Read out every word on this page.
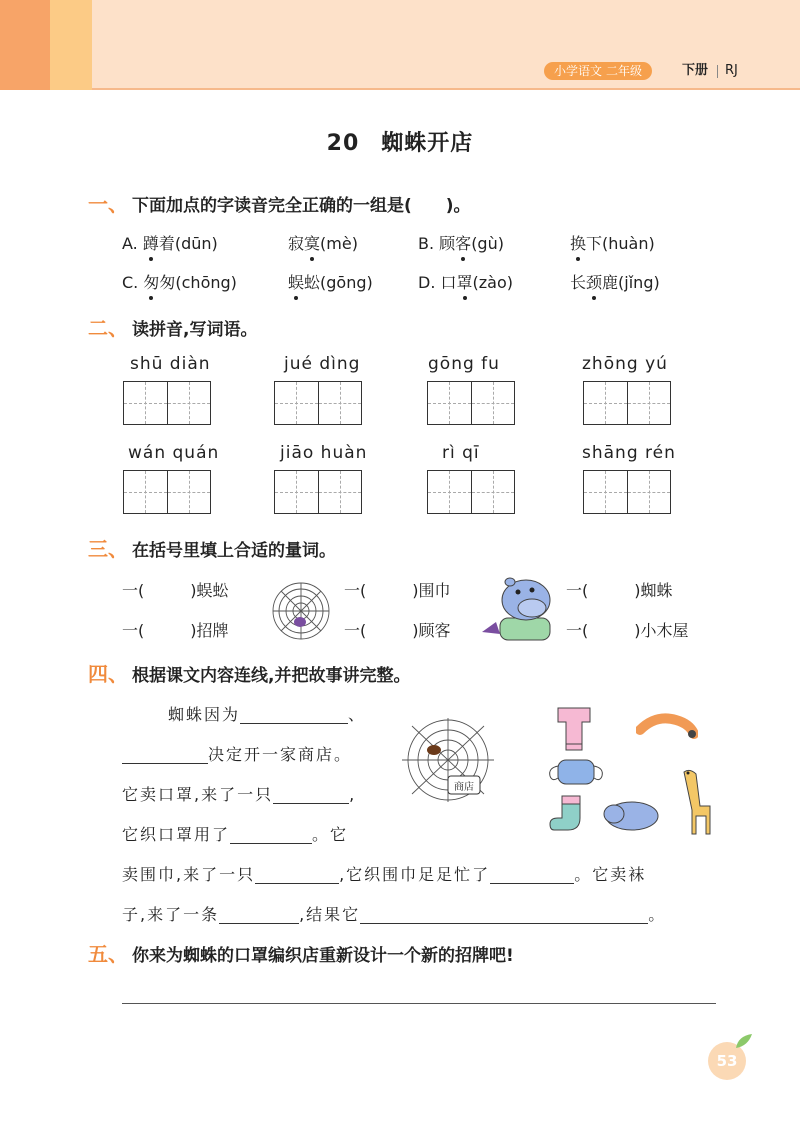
小学语文 二年级	下册 RJ
20 蜘蛛开店
一、 下面加点的字读音完全正确的一组是(　　)。
A. 蹲着(dūn)	寂寞(mè)	B. 顾客(gù)	换下(huàn)
C. 匆匆(chōng)	蜈蚣(gōng)	D. 口罩(zào)	长颈鹿(jǐng)
二、 读拼音,写词语。
shū diàn	jué dìng	gōng fu	zhōng yú
wán quán	jiāo huàn	rì qī	shāng rén
三、 在括号里填上合适的量词。
一(	)蜈蚣	一(	)围巾	一(	)蜘蛛
一(	)招牌	一(	)顾客	一(	)小木屋
四、 根据课文内容连线,并把故事讲完整。
蜘蛛因为	、
决定开一家商店。
它卖口罩,来了一只	,
它织口罩用了	。它
卖围巾,来了一只	,它织围巾足足忙了	。它卖袜
子,来了一条	,结果它	。
商店
五、 你来为蜘蛛的口罩编织店重新设计一个新的招牌吧!
53
